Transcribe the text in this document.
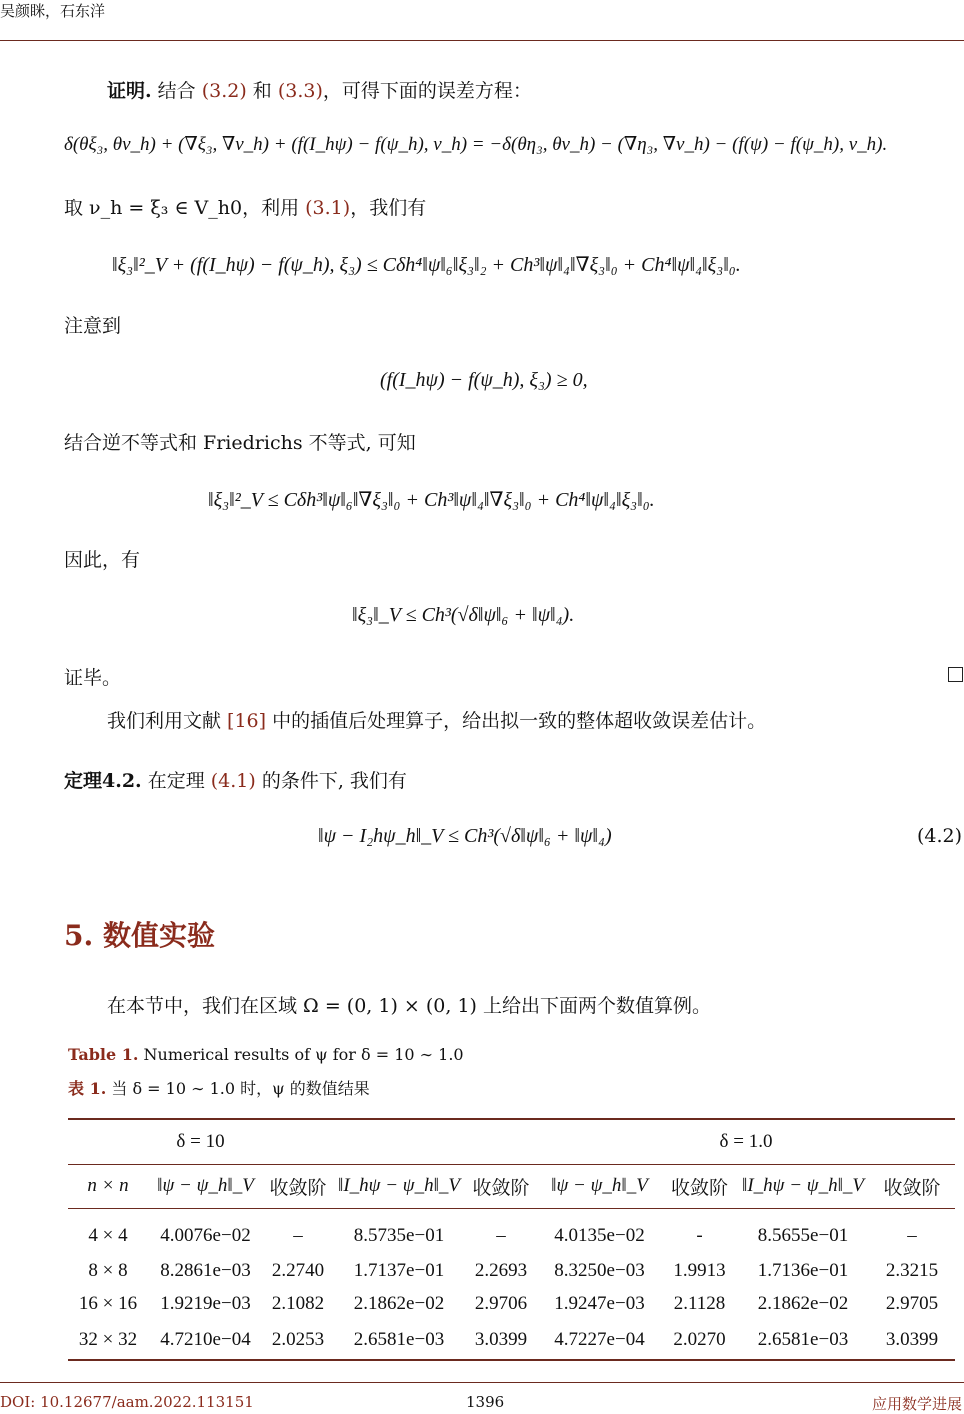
吴颜眯，石东洋
证明. 结合 (3.2) 和 (3.3)，可得下面的误差方程：
δ(θξ₃, θν_h) + (∇ξ₃, ∇ν_h) + (f(I_hψ) − f(ψ_h), ν_h) = −δ(θη₃, θν_h) − (∇η₃, ∇ν_h) − (f(ψ) − f(ψ_h), ν_h).
取 ν_h = ξ₃ ∈ V_h0，利用 (3.1)，我们有
‖ξ₃‖²_V + (f(I_hψ) − f(ψ_h), ξ₃) ≤ Cδh⁴‖ψ‖₆‖ξ₃‖₂ + Ch³‖ψ‖₄‖∇ξ₃‖₀ + Ch⁴‖ψ‖₄‖ξ₃‖₀.
注意到
(f(I_hψ) − f(ψ_h), ξ₃) ≥ 0,
结合逆不等式和 Friedrichs 不等式, 可知
‖ξ₃‖²_V ≤ Cδh³‖ψ‖₆‖∇ξ₃‖₀ + Ch³‖ψ‖₄‖∇ξ₃‖₀ + Ch⁴‖ψ‖₄‖ξ₃‖₀.
因此，有
‖ξ₃‖_V ≤ Ch³(√δ‖ψ‖₆ + ‖ψ‖₄).
证毕。
我们利用文献 [16] 中的插值后处理算子，给出拟一致的整体超收敛误差估计。
定理4.2. 在定理 (4.1) 的条件下, 我们有
‖ψ − I₂hψ_h‖_V ≤ Ch³(√δ‖ψ‖₆ + ‖ψ‖₄)	(4.2)
5. 数值实验
在本节中，我们在区域 Ω = (0, 1) × (0, 1) 上给出下面两个数值算例。
Table 1. Numerical results of ψ for δ = 10 ∼ 1.0
表 1. 当 δ = 10 ∼ 1.0 时，ψ 的数值结果
δ = 10					δ = 1.0			
n × n	‖ψ − ψ_h‖_V	收敛阶	‖I_hψ − ψ_h‖_V	收敛阶	‖ψ − ψ_h‖_V	收敛阶	‖I_hψ − ψ_h‖_V	收敛阶
4 × 4	4.0076e−02	–	8.5735e−01	–	4.0135e−02	-	8.5655e−01	–
8 × 8	8.2861e−03	2.2740	1.7137e−01	2.2693	8.3250e−03	1.9913	1.7136e−01	2.3215
16 × 16	1.9219e−03	2.1082	2.1862e−02	2.9706	1.9247e−03	2.1128	2.1862e−02	2.9705
32 × 32	4.7210e−04	2.0253	2.6581e−03	3.0399	4.7227e−04	2.0270	2.6581e−03	3.0399
DOI: 10.12677/aam.2022.113151	1396	应用数学进展
